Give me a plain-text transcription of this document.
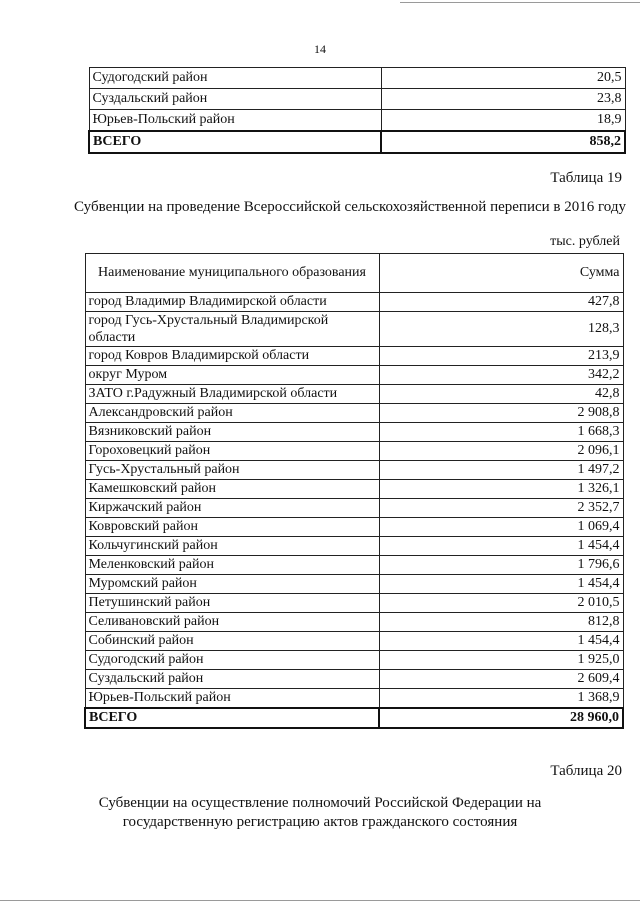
14
Судогодский район	20,5
Суздальский район	23,8
Юрьев-Польский район	18,9
ВСЕГО	858,2
Таблица 19
Субвенции на проведение Всероссийской сельскохозяйственной переписи в 2016 году
тыс. рублей
Наименование муниципального образования	Сумма
город Владимир Владимирской области	427,8
город Гусь-Хрустальный Владимирской области	128,3
город Ковров Владимирской области	213,9
округ Муром	342,2
ЗАТО г.Радужный Владимирской области	42,8
Александровский район	2 908,8
Вязниковский район	1 668,3
Гороховецкий район	2 096,1
Гусь-Хрустальный район	1 497,2
Камешковский район	1 326,1
Киржачский район	2 352,7
Ковровский район	1 069,4
Кольчугинский район	1 454,4
Меленковский район	1 796,6
Муромский район	1 454,4
Петушинский район	2 010,5
Селивановский район	812,8
Собинский район	1 454,4
Судогодский район	1 925,0
Суздальский район	2 609,4
Юрьев-Польский район	1 368,9
ВСЕГО	28 960,0
Таблица 20
Субвенции на осуществление полномочий Российской Федерации на
государственную регистрацию актов гражданского состояния
